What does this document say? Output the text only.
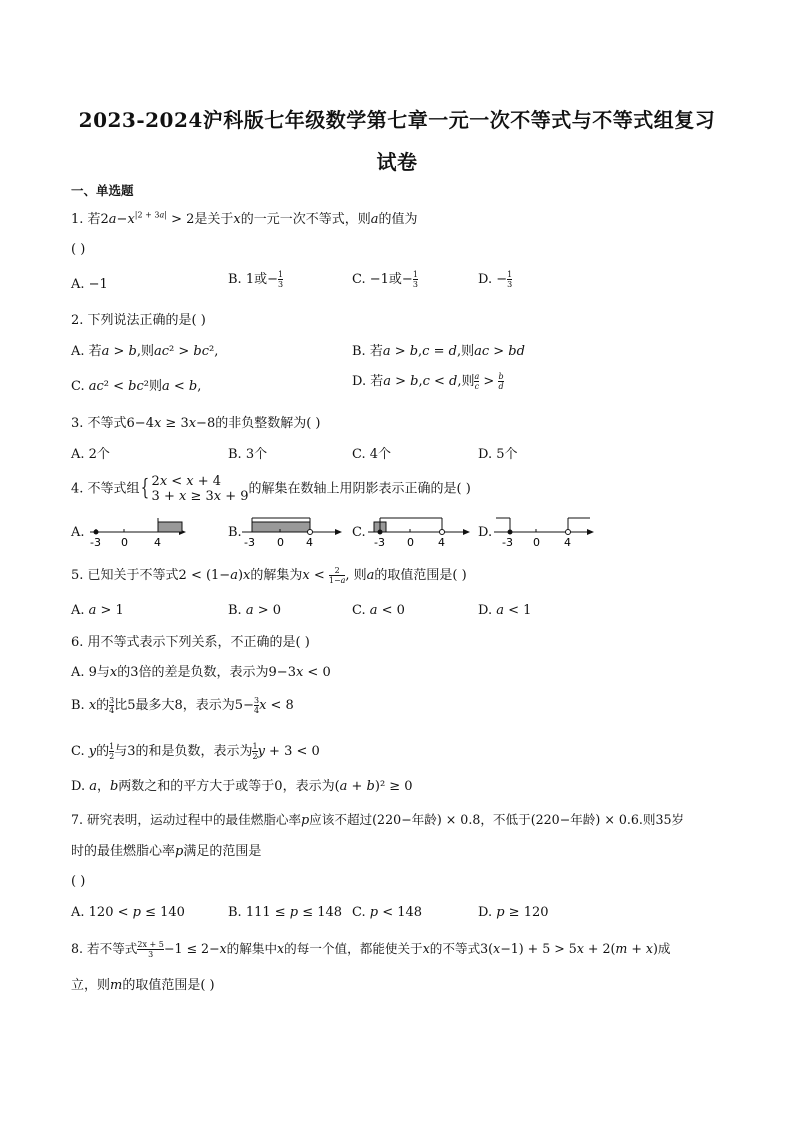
2023-2024沪科版七年级数学第七章一元一次不等式与不等式组复习
试卷
一、单选题
1. 若2𝑎−𝑥$^{|2 + 3𝑎|}$ > 2是关于𝑥的一元一次不等式，则𝑎的值为
( )
A. −1	B. 1或− $\frac{1}{3}$	C. −1或− $\frac{1}{3}$	D. − $\frac{1}{3}$
2. 下列说法正确的是( )
A. 若𝑎 > 𝑏,则𝑎𝑐² > 𝑏𝑐²,	B. 若𝑎 > 𝑏,𝑐 = 𝑑,则𝑎𝑐 > 𝑏𝑑
C. 𝑎𝑐² < 𝑏𝑐²则𝑎 < 𝑏,	D. 若𝑎 > 𝑏,𝑐 < 𝑑,则 𝑎
𝑐 > 𝑏
𝑑
3. 不等式6−4𝑥 ≥ 3𝑥−8的非负整数解为( )
A. 2个	B. 3个	C. 4个	D. 5个
4. 不等式组{ 2𝑥 < 𝑥 + 4
3 + 𝑥 ≥ 3𝑥 + 9 的解集在数轴上用阴影表示正确的是( )
A.
-3 0 4
B.
-3 0 4
C.
-3 0 4
D.
-3 0 4
5. 已知关于不等式2 < (1−𝑎)𝑥的解集为𝑥 <	2
1−𝑎 , 则𝑎的取值范围是( )
A. 𝑎 > 1	B. 𝑎 > 0	C. 𝑎 < 0	D. 𝑎 < 1
6. 用不等式表示下列关系，不正确的是( )
A. 9与𝑥的3倍的差是负数，表示为9−3𝑥 < 0
B. 𝑥的 $\frac{3}{4}$ 比5最多大8，表示为$5- \frac{3}{4}$ 𝑥 < 8
C. 𝑦的 $\frac{1}{2}$ 与3的和是负数，表示为 $\frac{1}{2}$ 𝑦 + 3 < 0
D. 𝑎，𝑏两数之和的平方大于或等于0，表示为(𝑎 + 𝑏)² ≥ 0
7. 研究表明，运动过程中的最佳燃脂心率𝑝应该不超过(220−年龄) × 0.8，不低于(220−年龄) × 0.6.则35岁
时的最佳燃脂心率𝑝满足的范围是
( )
A. 120 < 𝑝 ≤ 140	B. 111 ≤ 𝑝 ≤ 148 C. 𝑝 < 148	D. 𝑝 ≥ 120
8. 若不等式 $\frac{2x + 5}{3} -1$ ≤ 2−𝑥的解集中𝑥的每一个值，都能使关于𝑥的不等式3(𝑥−1) + 5 > 5𝑥 + 2(𝑚 + 𝑥)成
立，则𝑚的取值范围是( )
